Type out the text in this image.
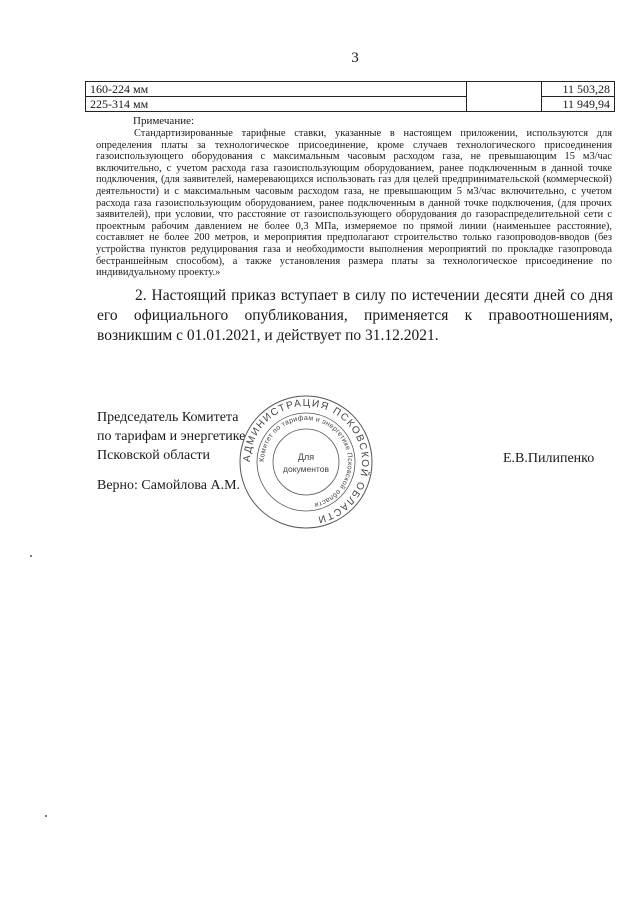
3
160-224 мм		11 503,28
225-314 мм		11 949,94
Примечание:
Стандартизированные тарифные ставки, указанные в настоящем приложении, используются для определения платы за технологическое присоединение, кроме случаев технологического присоединения газоиспользующего оборудования с максимальным часовым расходом газа, не превышающим 15 м3/час включительно, с учетом расхода газа газоиспользующим оборудованием, ранее подключенным в данной точке подключения, (для заявителей, намеревающихся использовать газ для целей предпринимательской (коммерческой) деятельности) и с максимальным часовым расходом газа, не превышающим 5 м3/час включительно, с учетом расхода газа газоиспользующим оборудованием, ранее подключенным в данной точке подключения, (для прочих заявителей), при условии, что расстояние от газоиспользующего оборудования до газораспределительной сети с проектным рабочим давлением не более 0,3 МПа, измеряемое по прямой линии (наименьшее расстояние), составляет не более 200 метров, и мероприятия предполагают строительство только газопроводов-вводов (без устройства пунктов редуцирования газа и необходимости выполнения мероприятий по прокладке газопровода бестраншейным способом), а также установления размера платы за технологическое присоединение по индивидуальному проекту.»
2. Настоящий приказ вступает в силу по истечении десяти дней со дня его официального опубликования, применяется к правоотношениям, возникшим с 01.01.2021, и действует по 31.12.2021.
Председатель Комитета
по тарифам и энергетике
Псковской области	Е.В.Пилипенко
Верно: Самойлова А.М.
АДМИНИСТРАЦИЯ ПСКОВСКОЙ ОБЛАСТИ
Комитет по тарифам и энергетике Псковской области
Для
документов
